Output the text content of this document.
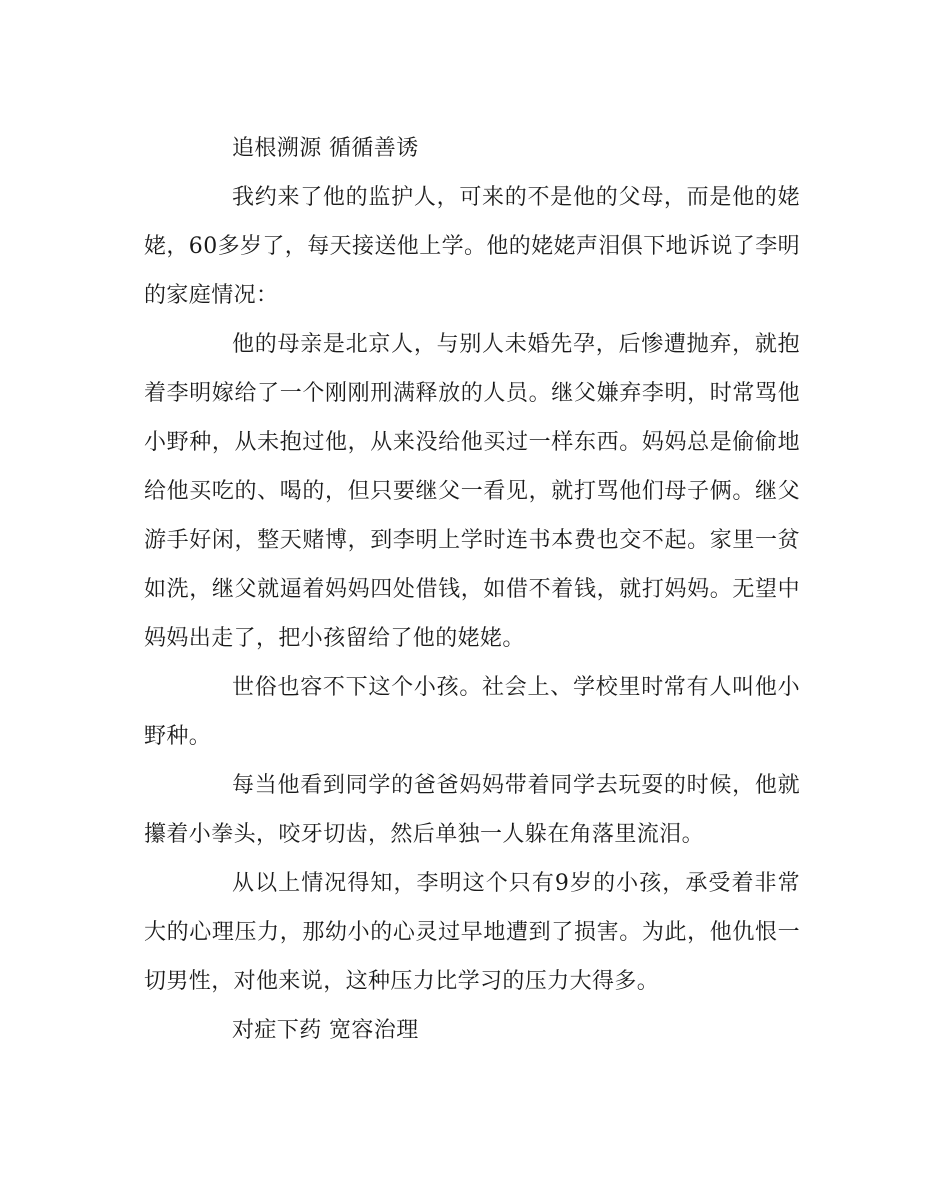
追根溯源 循循善诱

我约来了他的监护人，可来的不是他的父母，而是他的姥姥，60多岁了，每天接送他上学。他的姥姥声泪俱下地诉说了李明的家庭情况：

他的母亲是北京人，与别人未婚先孕，后惨遭抛弃，就抱着李明嫁给了一个刚刚刑满释放的人员。继父嫌弃李明，时常骂他小野种，从未抱过他，从来没给他买过一样东西。妈妈总是偷偷地给他买吃的、喝的，但只要继父一看见，就打骂他们母子俩。继父游手好闲，整天赌博，到李明上学时连书本费也交不起。家里一贫如洗，继父就逼着妈妈四处借钱，如借不着钱，就打妈妈。无望中妈妈出走了，把小孩留给了他的姥姥。

世俗也容不下这个小孩。社会上、学校里时常有人叫他小野种。

每当他看到同学的爸爸妈妈带着同学去玩耍的时候，他就攥着小拳头，咬牙切齿，然后单独一人躲在角落里流泪。

从以上情况得知，李明这个只有9岁的小孩，承受着非常大的心理压力，那幼小的心灵过早地遭到了损害。为此，他仇恨一切男性，对他来说，这种压力比学习的压力大得多。

对症下药 宽容治理
